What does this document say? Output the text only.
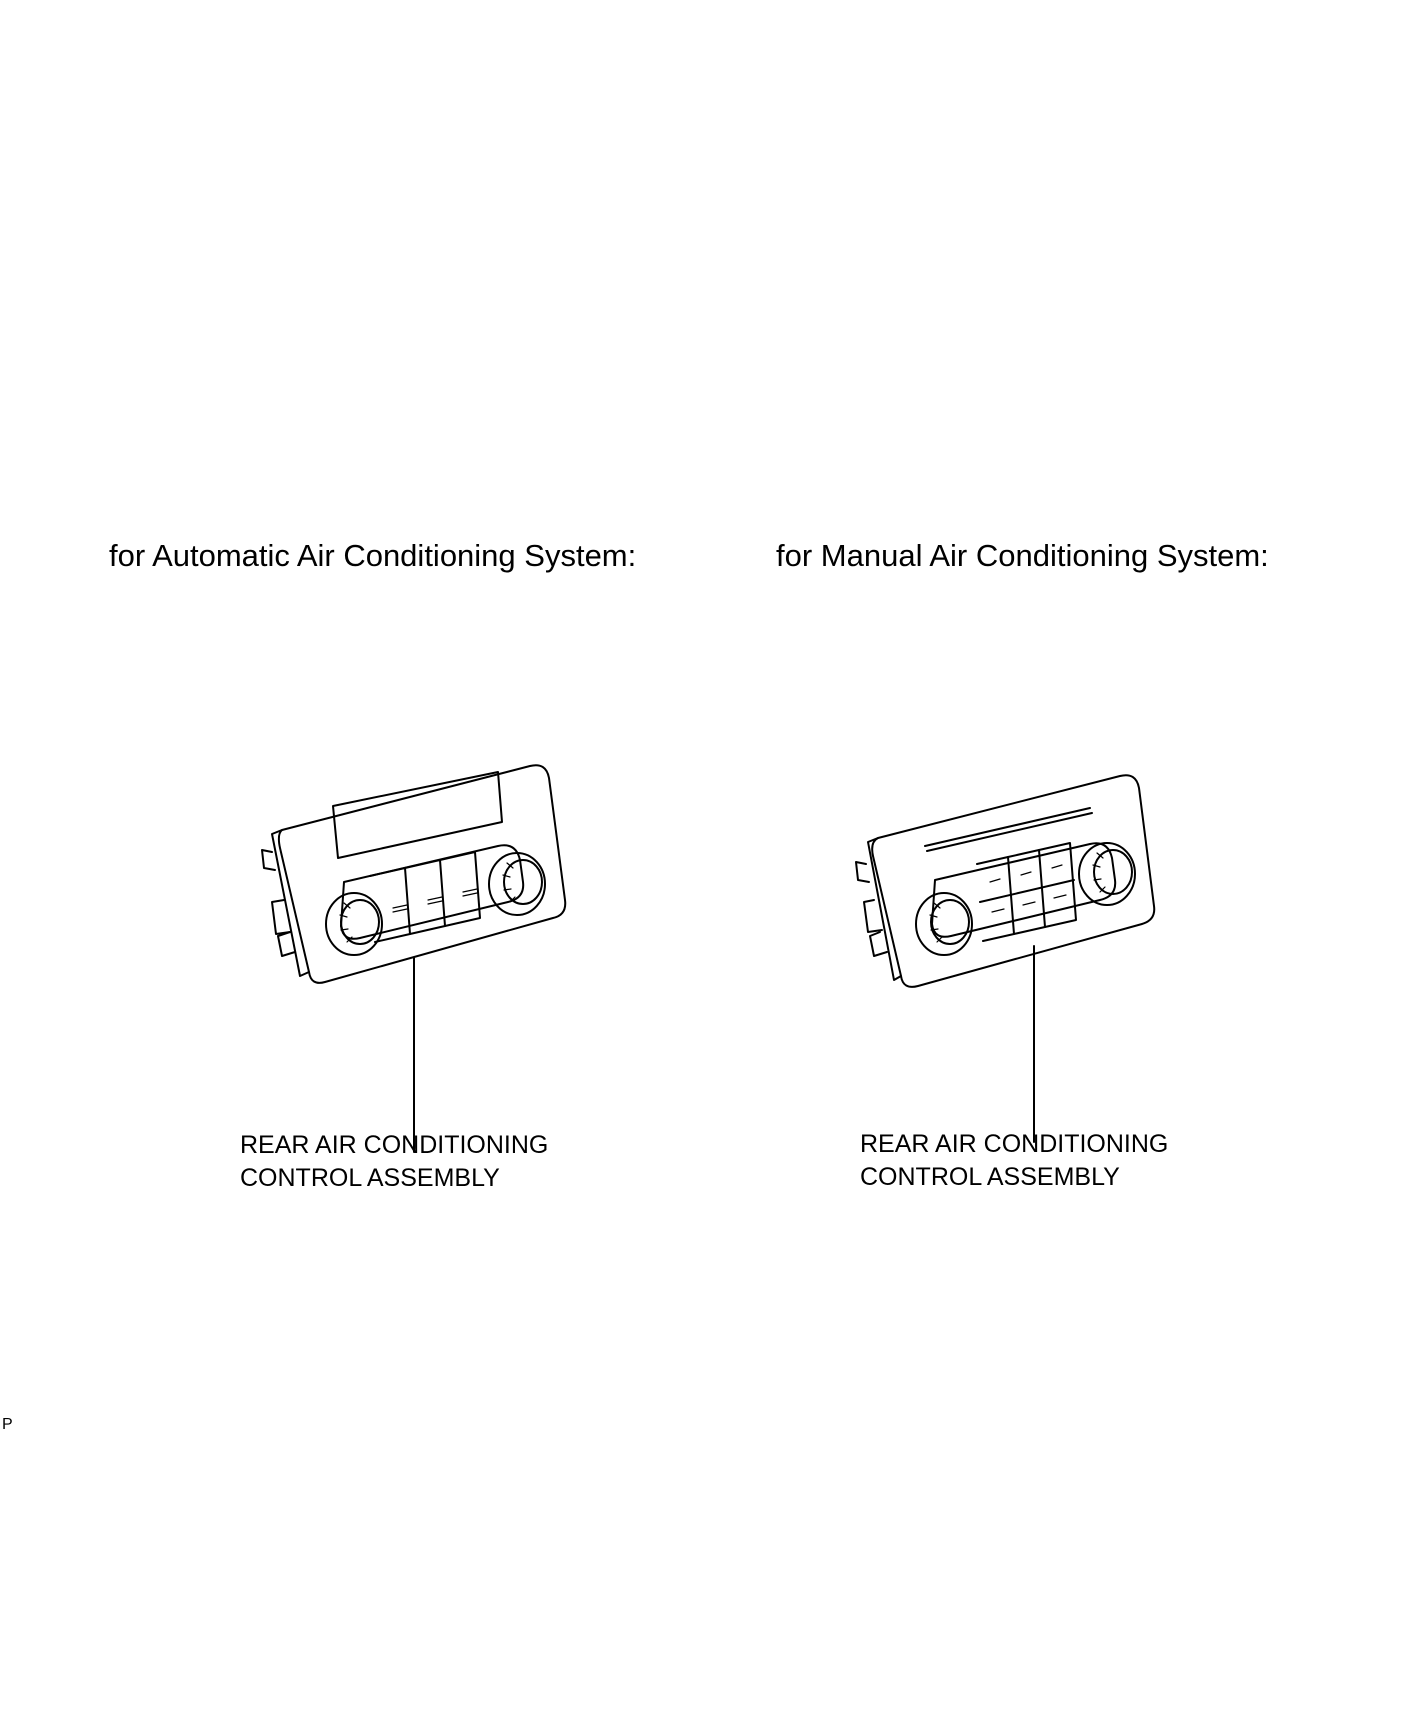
for Automatic Air Conditioning System:	for Manual Air Conditioning System:
REAR AIR CONDITIONING
CONTROL ASSEMBLY
REAR AIR CONDITIONING
CONTROL ASSEMBLY
P
